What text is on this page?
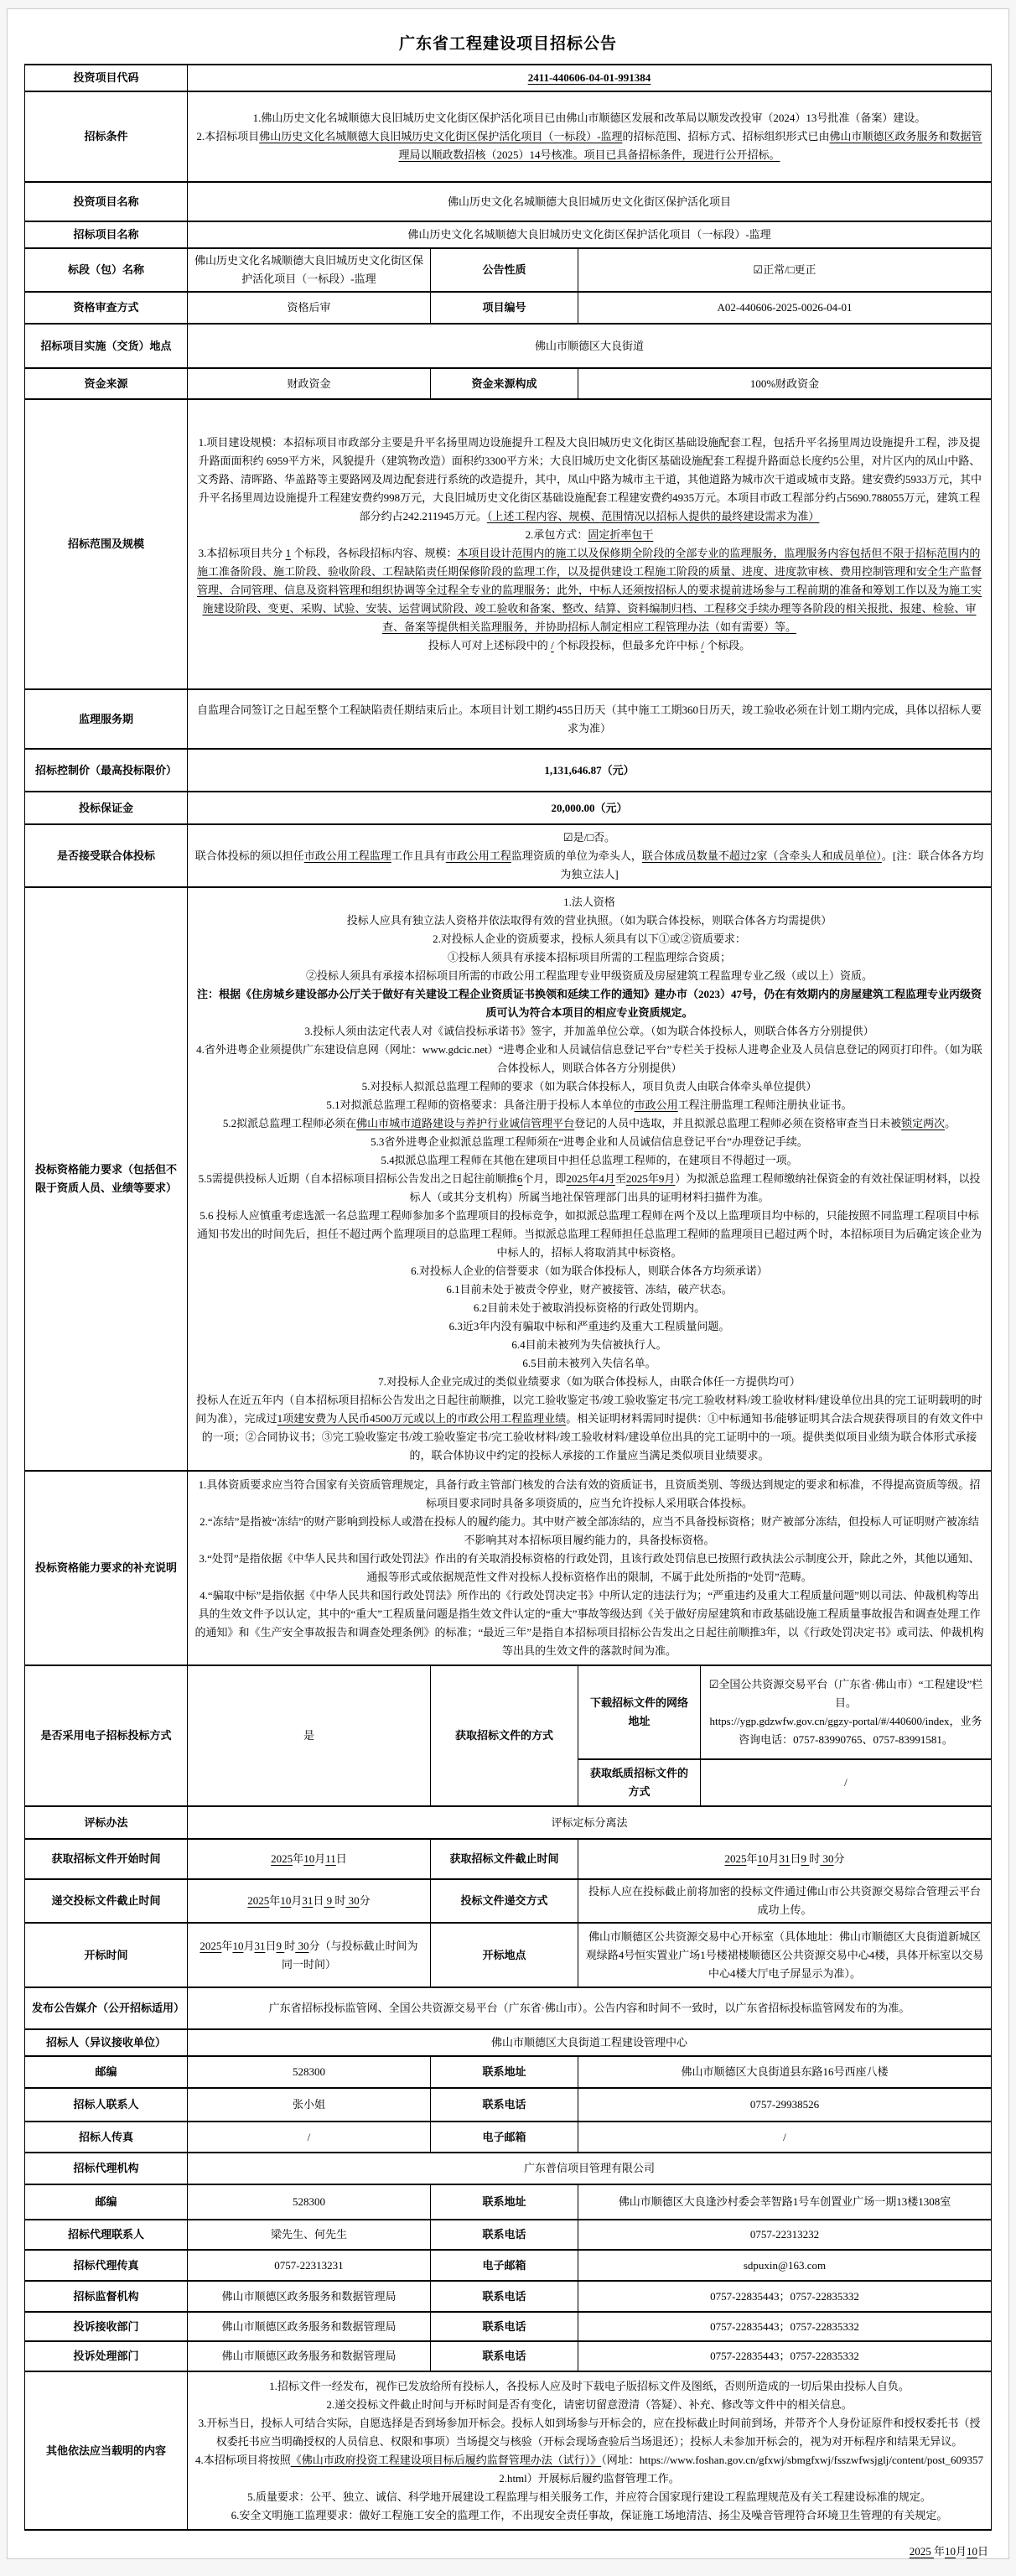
广东省工程建设项目招标公告
投资项目代码	2411-440606-04-01-991384			
招标条件	1.佛山历史文化名城顺德大良旧城历史文化街区保护活化项目已由佛山市顺德区发展和改革局以顺发改投审（2024）13号批准（备案）建设。
2.本招标项目佛山历史文化名城顺德大良旧城历史文化街区保护活化项目（一标段）-监理的招标范围、招标方式、招标组织形式已由佛山市顺德区政务服务和数据管理局以顺政数招核（2025）14号核准。项目已具备招标条件，现进行公开招标。			
投资项目名称	佛山历史文化名城顺德大良旧城历史文化街区保护活化项目			
招标项目名称	佛山历史文化名城顺德大良旧城历史文化街区保护活化项目（一标段）-监理			
标段（包）名称	佛山历史文化名城顺德大良旧城历史文化街区保护活化项目（一标段）-监理	公告性质	☑正常/□更正	
资格审查方式	资格后审	项目编号	A02-440606-2025-0026-04-01	
招标项目实施（交货）地点	佛山市顺德区大良街道			
资金来源	财政资金	资金来源构成	100%财政资金	
招标范围及规模	1.项目建设规模：本招标项目市政部分主要是升平名扬里周边设施提升工程及大良旧城历史文化街区基础设施配套工程，包括升平名扬里周边设施提升工程，涉及提升路面面积约 6959平方米，风貌提升（建筑物改造）面积约3300平方米；大良旧城历史文化街区基础设施配套工程提升路面总长度约5公里，对片区内的凤山中路、文秀路、清晖路、华盖路等主要路网及周边配套进行系统的改造提升，其中，凤山中路为城市主干道，其他道路为城市次干道或城市支路。建安费约5933万元，其中升平名扬里周边设施提升工程建安费约998万元，大良旧城历史文化街区基础设施配套工程建安费约4935万元。本项目市政工程部分约占5690.788055万元，建筑工程部分约占242.211945万元。（上述工程内容、规模、范围情况以招标人提供的最终建设需求为准）
2.承包方式：固定折率包干
3.本招标项目共分 1 个标段，各标段招标内容、规模：本项目设计范围内的施工以及保修期全阶段的全部专业的监理服务，监理服务内容包括但不限于招标范围内的施工准备阶段、施工阶段、验收阶段、工程缺陷责任期保修阶段的监理工作，以及提供建设工程施工阶段的质量、进度、进度款审核、费用控制管理和安全生产监督管理、合同管理、信息及资料管理和组织协调等全过程全专业的监理服务；此外，中标人还须按招标人的要求提前进场参与工程前期的准备和筹划工作以及为施工实施建设阶段、变更、采购、试验、安装、运营调试阶段、竣工验收和备案、整改、结算、资料编制归档、工程移交手续办理等各阶段的相关报批、报建、检验、审查、备案等提供相关监理服务，并协助招标人制定相应工程管理办法（如有需要）等。
投标人可对上述标段中的 / 个标段投标，但最多允许中标 / 个标段。			
监理服务期	自监理合同签订之日起至整个工程缺陷责任期结束后止。本项目计划工期约455日历天（其中施工工期360日历天，竣工验收必须在计划工期内完成，具体以招标人要求为准）			
招标控制价（最高投标限价）	1,131,646.87（元）			
投标保证金	20,000.00（元）			
是否接受联合体投标	☑是/□否。
联合体投标的须以担任市政公用工程监理工作且具有市政公用工程监理资质的单位为牵头人，联合体成员数量不超过2家（含牵头人和成员单位）。[注：联合体各方均为独立法人]			
投标资格能力要求（包括但不限于资质人员、业绩等要求）	1.法人资格
投标人应具有独立法人资格并依法取得有效的营业执照。（如为联合体投标，则联合体各方均需提供）
2.对投标人企业的资质要求，投标人须具有以下①或②资质要求：
①投标人须具有承接本招标项目所需的工程监理综合资质；
②投标人须具有承接本招标项目所需的市政公用工程监理专业甲级资质及房屋建筑工程监理专业乙级（或以上）资质。
注：根据《住房城乡建设部办公厅关于做好有关建设工程企业资质证书换领和延续工作的通知》建办市（2023）47号，仍在有效期内的房屋建筑工程监理专业丙级资质可认为符合本项目的相应专业资质规定。
3.投标人须由法定代表人对《诚信投标承诺书》签字，并加盖单位公章。（如为联合体投标人，则联合体各方分别提供）
4.省外进粤企业须提供广东建设信息网（网址：www.gdcic.net）“进粤企业和人员诚信信息登记平台”专栏关于投标人进粤企业及人员信息登记的网页打印件。（如为联合体投标人，则联合体各方分别提供）
5.对投标人拟派总监理工程师的要求（如为联合体投标人，项目负责人由联合体牵头单位提供）
5.1对拟派总监理工程师的资格要求：具备注册于投标人本单位的市政公用工程注册监理工程师注册执业证书。
5.2拟派总监理工程师必须在佛山市城市道路建设与养护行业诚信管理平台登记的人员中选取，并且拟派总监理工程师必须在资格审查当日未被锁定两次。
5.3省外进粤企业拟派总监理工程师须在“进粤企业和人员诚信信息登记平台”办理登记手续。
5.4拟派总监理工程师在其他在建项目中担任总监理工程师的，在建项目不得超过一项。
5.5需提供投标人近期（自本招标项目招标公告发出之日起往前顺推6个月，即2025年4月至2025年9月）为拟派总监理工程师缴纳社保资金的有效社保证明材料，以投标人（或其分支机构）所属当地社保管理部门出具的证明材料扫描件为准。
5.6 投标人应慎重考虑选派一名总监理工程师参加多个监理项目的投标竞争，如拟派总监理工程师在两个及以上监理项目均中标的，只能按照不同监理工程项目中标通知书发出的时间先后，担任不超过两个监理项目的总监理工程师。当拟派总监理工程师担任总监理工程师的监理项目已超过两个时，本招标项目为后确定该企业为中标人的，招标人将取消其中标资格。
6.对投标人企业的信誉要求（如为联合体投标人，则联合体各方均须承诺）
6.1目前未处于被责令停业，财产被接管、冻结，破产状态。
6.2目前未处于被取消投标资格的行政处罚期内。
6.3近3年内没有骗取中标和严重违约及重大工程质量问题。
6.4目前未被列为失信被执行人。
6.5目前未被列入失信名单。
7.对投标人企业完成过的类似业绩要求（如为联合体投标人，由联合体任一方提供均可）
投标人在近五年内（自本招标项目招标公告发出之日起往前顺推，以完工验收鉴定书/竣工验收鉴定书/完工验收材料/竣工验收材料/建设单位出具的完工证明载明的时间为准），完成过1项建安费为人民币4500万元或以上的市政公用工程监理业绩。相关证明材料需同时提供：①中标通知书/能够证明其合法合规获得项目的有效文件中的一项；②合同协议书；③完工验收鉴定书/竣工验收鉴定书/完工验收材料/竣工验收材料/建设单位出具的完工证明中的一项。提供类似项目业绩为联合体形式承接的，联合体协议中约定的投标人承接的工作量应当满足类似项目业绩要求。
投标资格能力要求的补充说明	1.具体资质要求应当符合国家有关资质管理规定，具备行政主管部门核发的合法有效的资质证书，且资质类别、等级达到规定的要求和标准，不得提高资质等级。招标项目要求同时具备多项资质的，应当允许投标人采用联合体投标。
2.“冻结”是指被“冻结”的财产影响到投标人或潜在投标人的履约能力。其中财产被全部冻结的，应当不具备投标资格；财产被部分冻结，但投标人可证明财产被冻结不影响其对本招标项目履约能力的，具备投标资格。
3.“处罚”是指依据《中华人民共和国行政处罚法》作出的有关取消投标资格的行政处罚，且该行政处罚信息已按照行政执法公示制度公开，除此之外，其他以通知、通报等形式或依据规范性文件对投标人投标资格作出的限制，不属于此处所指的“处罚”范畴。
4.“骗取中标”是指依据《中华人民共和国行政处罚法》所作出的《行政处罚决定书》中所认定的违法行为；“严重违约及重大工程质量问题”则以司法、仲裁机构等出具的生效文件予以认定，其中的“重大”工程质量问题是指生效文件认定的“重大”事故等级达到《关于做好房屋建筑和市政基础设施工程质量事故报告和调查处理工作的通知》和《生产安全事故报告和调查处理条例》的标准；“最近三年”是指自本招标项目招标公告发出之日起往前顺推3年，以《行政处罚决定书》或司法、仲裁机构等出具的生效文件的落款时间为准。			
是否采用电子招标投标方式	是	获取招标文件的方式	下载招标文件的网络地址	☑全国公共资源交易平台（广东省·佛山市）“工程建设”栏目。
https://ygp.gdzwfw.gov.cn/ggzy-portal/#/440600/index，业务咨询电话：0757-83990765、0757-83991581。
			获取纸质招标文件的方式	/
评标办法	评标定标分离法			
获取招标文件开始时间	2025年10月11日	获取招标文件截止时间	2025年10月31日9 时 30分	
递交投标文件截止时间	2025年10月31日 9 时 30分	投标文件递交方式	投标人应在投标截止前将加密的投标文件通过佛山市公共资源交易综合管理云平台成功上传。	
开标时间	2025年10月31日9 时 30分（与投标截止时间为同一时间）	开标地点	佛山市顺德区公共资源交易中心开标室（具体地址：佛山市顺德区大良街道新城区观绿路4号恒实置业广场1号楼裙楼顺德区公共资源交易中心4楼，具体开标室以交易中心4楼大厅电子屏显示为准）。	
发布公告媒介（公开招标适用）	广东省招标投标监管网、全国公共资源交易平台（广东省·佛山市）。公告内容和时间不一致时，以广东省招标投标监管网发布的为准。			
招标人（异议接收单位）	佛山市顺德区大良街道工程建设管理中心			
邮编	528300	联系地址	佛山市顺德区大良街道县东路16号西座八楼	
招标人联系人	张小姐	联系电话	0757-29938526	
招标人传真	/	电子邮箱	/	
招标代理机构	广东普信项目管理有限公司			
邮编	528300	联系地址	佛山市顺德区大良逢沙村委会莘智路1号车创置业广场一期13楼1308室	
招标代理联系人	梁先生、何先生	联系电话	0757-22313232	
招标代理传真	0757-22313231	电子邮箱	sdpuxin@163.com	
招标监督机构	佛山市顺德区政务服务和数据管理局	联系电话	0757-22835443；0757-22835332	
投诉接收部门	佛山市顺德区政务服务和数据管理局	联系电话	0757-22835443；0757-22835332	
投诉处理部门	佛山市顺德区政务服务和数据管理局	联系电话	0757-22835443；0757-22835332	
其他依法应当载明的内容	1.招标文件一经发布，视作已发放给所有投标人，各投标人应及时下载电子版招标文件及图纸，否则所造成的一切后果由投标人自负。
2.递交投标文件截止时间与开标时间是否有变化，请密切留意澄清（答疑）、补充、修改等文件中的相关信息。
3.开标当日，投标人可结合实际，自愿选择是否到场参加开标会。投标人如到场参与开标会的，应在投标截止时间前到场，并带齐个人身份证原件和授权委托书（授权委托书应当明确授权的人员信息、权限和事项）当场提交与核验（开标会现场查验后当场退还）；投标人未参加开标会的，视为对开标程序和结果无异议。
4.本招标项目将按照《佛山市政府投资工程建设项目标后履约监督管理办法（试行）》（网址：https://www.foshan.gov.cn/gfxwj/sbmgfxwj/fsszwfwsjglj/content/post_6093572.html）开展标后履约监督管理工作。
5.质量要求：公平、独立、诚信、科学地开展建设工程监理与相关服务工作，并应符合国家现行建设工程监理规范及有关工程建设标准的规定。
6.安全文明施工监理要求：做好工程施工安全的监理工作，不出现安全责任事故，保证施工场地清洁、扬尘及噪音管理符合环境卫生管理的有关规定。
2025 年10月10日
